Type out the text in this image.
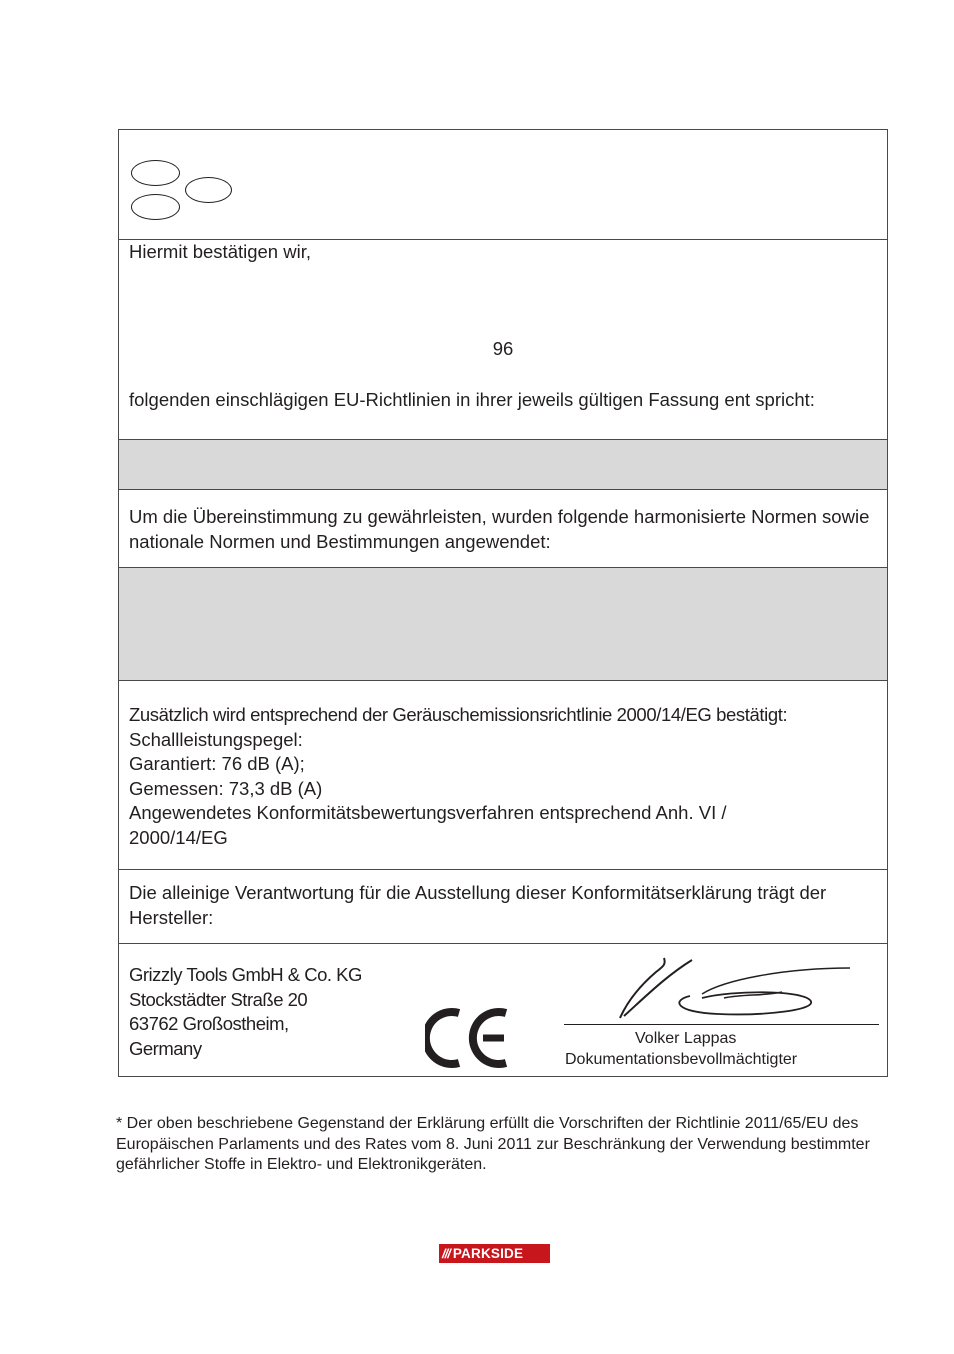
Hiermit bestätigen wir,
96
folgenden einschlägigen EU-Richtlinien in ihrer jeweils gültigen Fassung ent spricht:
Um die Übereinstimmung zu gewährleisten, wurden folgende harmonisierte Normen sowie nationale Normen und Bestimmungen angewendet:
Zusätzlich wird entsprechend der Geräuschemissionsrichtlinie 2000/14/EG bestätigt:
Schallleistungspegel:
Garantiert: 76 dB (A);
Gemessen: 73,3 dB (A)
Angewendetes Konformitätsbewertungsverfahren entsprechend Anh. VI / 2000/14/EG
Die alleinige Verantwortung für die Ausstellung dieser Konformitätserklärung trägt der Hersteller:
Grizzly Tools GmbH & Co. KG
Stockstädter Straße 20
63762 Großostheim,
Germany	Volker Lappas
Dokumentationsbevollmächtigter
* Der oben beschriebene Gegenstand der Erklärung erfüllt die Vorschriften der Richtlinie 2011/65/EU des Europäischen Parlaments und des Rates vom 8. Juni 2011 zur Beschränkung der Verwendung bestimmter gefährlicher Stoffe in Elektro- und Elektronikgeräten.
/// PARKSIDE
